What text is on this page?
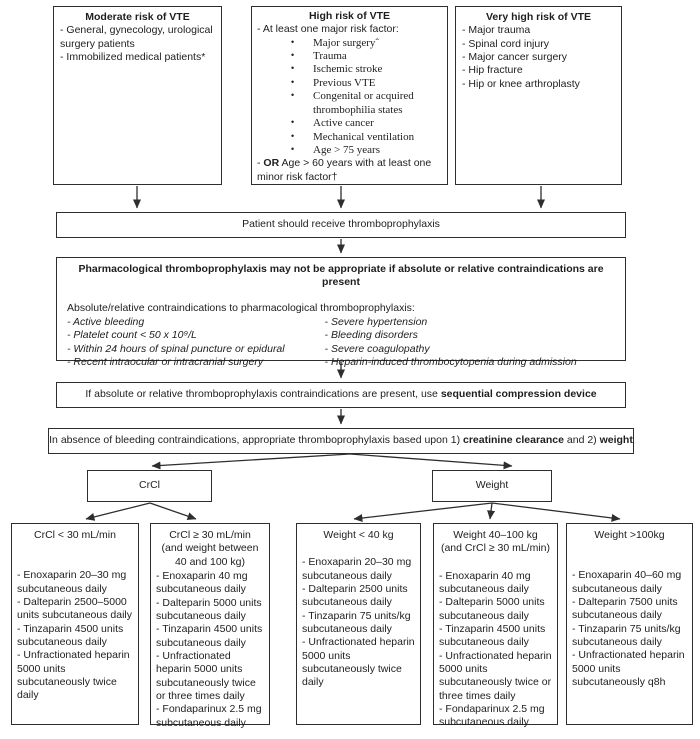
Moderate risk of VTE
- General, gynecology, urological surgery patients
- Immobilized medical patients*
High risk of VTE
- At least one major risk factor:
•	Major surgeryˆ
•	Trauma
•	Ischemic stroke
•	Previous VTE
•	Congenital or acquired thrombophilia states
•	Active cancer
•	Mechanical ventilation
•	Age > 75 years
- OR Age > 60 years with at least one minor risk factor†
Very high risk of VTE
- Major trauma
- Spinal cord injury
- Major cancer surgery
- Hip fracture
- Hip or knee arthroplasty
Patient should receive thromboprophylaxis
Pharmacological thromboprophylaxis may not be appropriate if absolute or relative contraindications are present
Absolute/relative contraindications to pharmacological thromboprophylaxis:
- Active bleeding
- Platelet count < 50 x 10⁹/L
- Within 24 hours of spinal puncture or epidural
- Recent intraocular or intracranial surgery
- Severe hypertension
- Bleeding disorders
- Severe coagulopathy
- Heparin-induced thrombocytopenia during admission
If absolute or relative thromboprophylaxis contraindications are present, use sequential compression device
In absence of bleeding contraindications, appropriate thromboprophylaxis based upon 1) creatinine clearance and 2) weight
CrCl	Weight
CrCl < 30 mL/min
- Enoxaparin 20–30 mg subcutaneous daily
- Dalteparin 2500–5000 units subcutaneous daily
- Tinzaparin 4500 units subcutaneous daily
- Unfractionated heparin 5000 units subcutaneously twice daily
CrCl ≥ 30 mL/min
(and weight between 40 and 100 kg)
- Enoxaparin 40 mg subcutaneous daily
- Dalteparin 5000 units subcutaneous daily
- Tinzaparin 4500 units subcutaneous daily
- Unfractionated heparin 5000 units subcutaneously twice or three times daily
- Fondaparinux 2.5 mg subcutaneous daily
Weight < 40 kg
- Enoxaparin 20–30 mg subcutaneous daily
- Dalteparin 2500 units subcutaneous daily
- Tinzaparin 75 units/kg subcutaneous daily
- Unfractionated heparin 5000 units subcutaneously twice daily
Weight 40–100 kg
(and CrCl ≥ 30 mL/min)
- Enoxaparin 40 mg subcutaneous daily
- Dalteparin 5000 units subcutaneous daily
- Tinzaparin 4500 units subcutaneous daily
- Unfractionated heparin 5000 units subcutaneously twice or three times daily
- Fondaparinux 2.5 mg subcutaneous daily
Weight >100kg
- Enoxaparin 40–60 mg subcutaneous daily
- Dalteparin 7500 units subcutaneous daily
- Tinzaparin 75 units/kg subcutaneous daily
- Unfractionated heparin 5000 units subcutaneously q8h
